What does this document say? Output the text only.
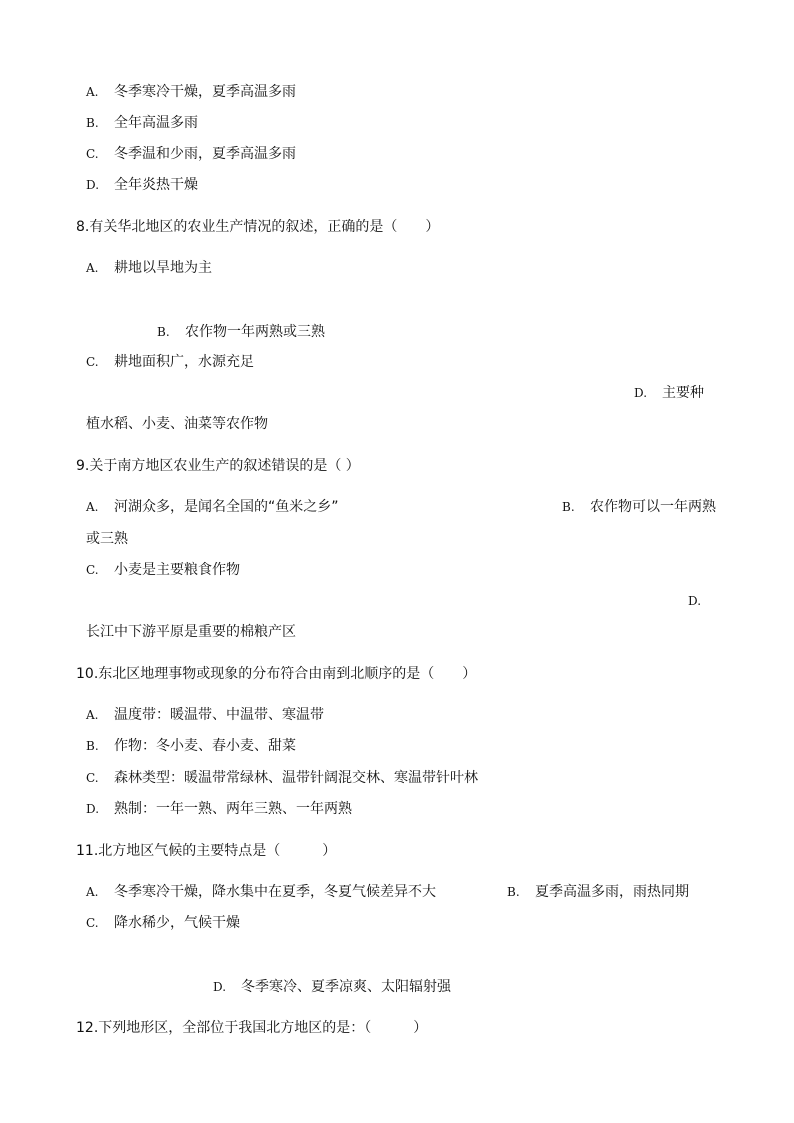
A. 冬季寒冷干燥，夏季高温多雨
B. 全年高温多雨
C. 冬季温和少雨，夏季高温多雨
D. 全年炎热干燥
8.有关华北地区的农业生产情况的叙述，正确的是（　　）
A. 耕地以旱地为主
B. 农作物一年两熟或三熟
C. 耕地面积广，水源充足
D. 主要种
植水稻、小麦、油菜等农作物
9.关于南方地区农业生产的叙述错误的是（ ）
A. 河湖众多，是闻名全国的“鱼米之乡”	B. 农作物可以一年两熟
或三熟
C. 小麦是主要粮食作物
D.
长江中下游平原是重要的棉粮产区
10.东北区地理事物或现象的分布符合由南到北顺序的是（　　）
A. 温度带：暖温带、中温带、寒温带
B. 作物：冬小麦、春小麦、甜菜
C. 森林类型：暖温带常绿林、温带针阔混交林、寒温带针叶林
D. 熟制：一年一熟、两年三熟、一年两熟
11.北方地区气候的主要特点是（　　　）
A. 冬季寒冷干燥，降水集中在夏季，冬夏气候差异不大	B. 夏季高温多雨，雨热同期
C. 降水稀少，气候干燥
D. 冬季寒冷、夏季凉爽、太阳辐射强
12.下列地形区，全部位于我国北方地区的是：（　　　）
